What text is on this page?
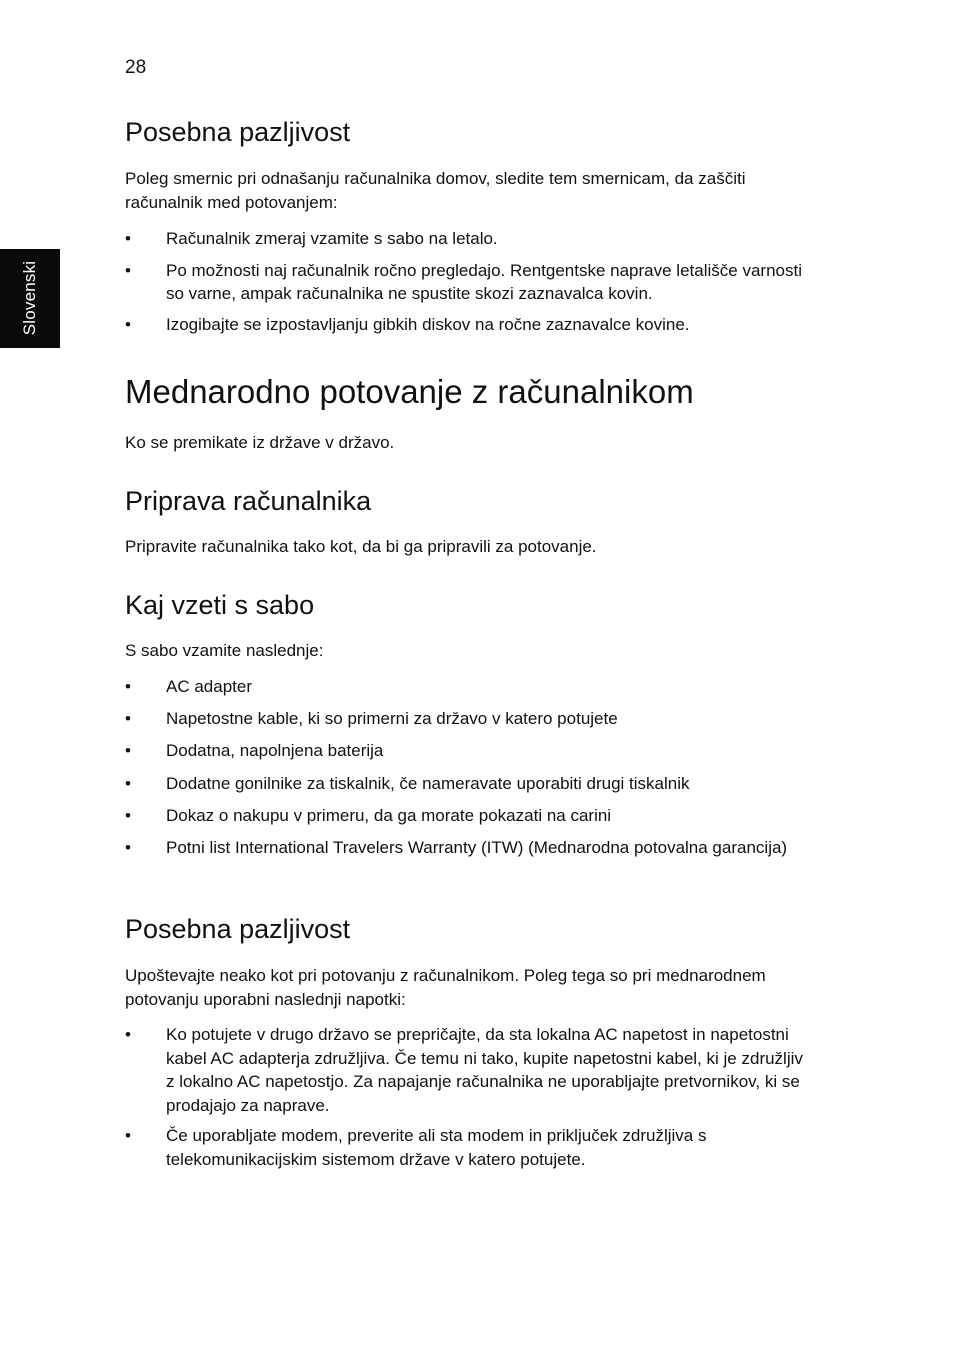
28
Slovenski
Posebna pazljivost

Poleg smernic pri odnašanju računalnika domov, sledite tem smernicam, da zaščiti računalnik med potovanjem:

• Računalnik zmeraj vzamite s sabo na letalo.
• Po možnosti naj računalnik ročno pregledajo. Rentgentske naprave letališče varnosti so varne, ampak računalnika ne spustite skozi zaznavalca kovin.
• Izogibajte se izpostavljanju gibkih diskov na ročne zaznavalce kovine.
Mednarodno potovanje z računalnikom

Ko se premikate iz države v državo.

Priprava računalnika

Pripravite računalnika tako kot, da bi ga pripravili za potovanje.

Kaj vzeti s sabo

S sabo vzamite naslednje:

• AC adapter
• Napetostne kable, ki so primerni za državo v katero potujete
• Dodatna, napolnjena baterija
• Dodatne gonilnike za tiskalnik, če nameravate uporabiti drugi tiskalnik
• Dokaz o nakupu v primeru, da ga morate pokazati na carini
• Potni list International Travelers Warranty (ITW) (Mednarodna potovalna garancija)
Posebna pazljivost

Upoštevajte neako kot pri potovanju z računalnikom. Poleg tega so pri mednarodnem potovanju uporabni naslednji napotki:

• Ko potujete v drugo državo se prepričajte, da sta lokalna AC napetost in napetostni kabel AC adapterja združljiva. Če temu ni tako, kupite napetostni kabel, ki je združljiv z lokalno AC napetostjo. Za napajanje računalnika ne uporabljajte pretvornikov, ki se prodajajo za naprave.
• Če uporabljate modem, preverite ali sta modem in priključek združljiva s telekomunikacijskim sistemom države v katero potujete.
